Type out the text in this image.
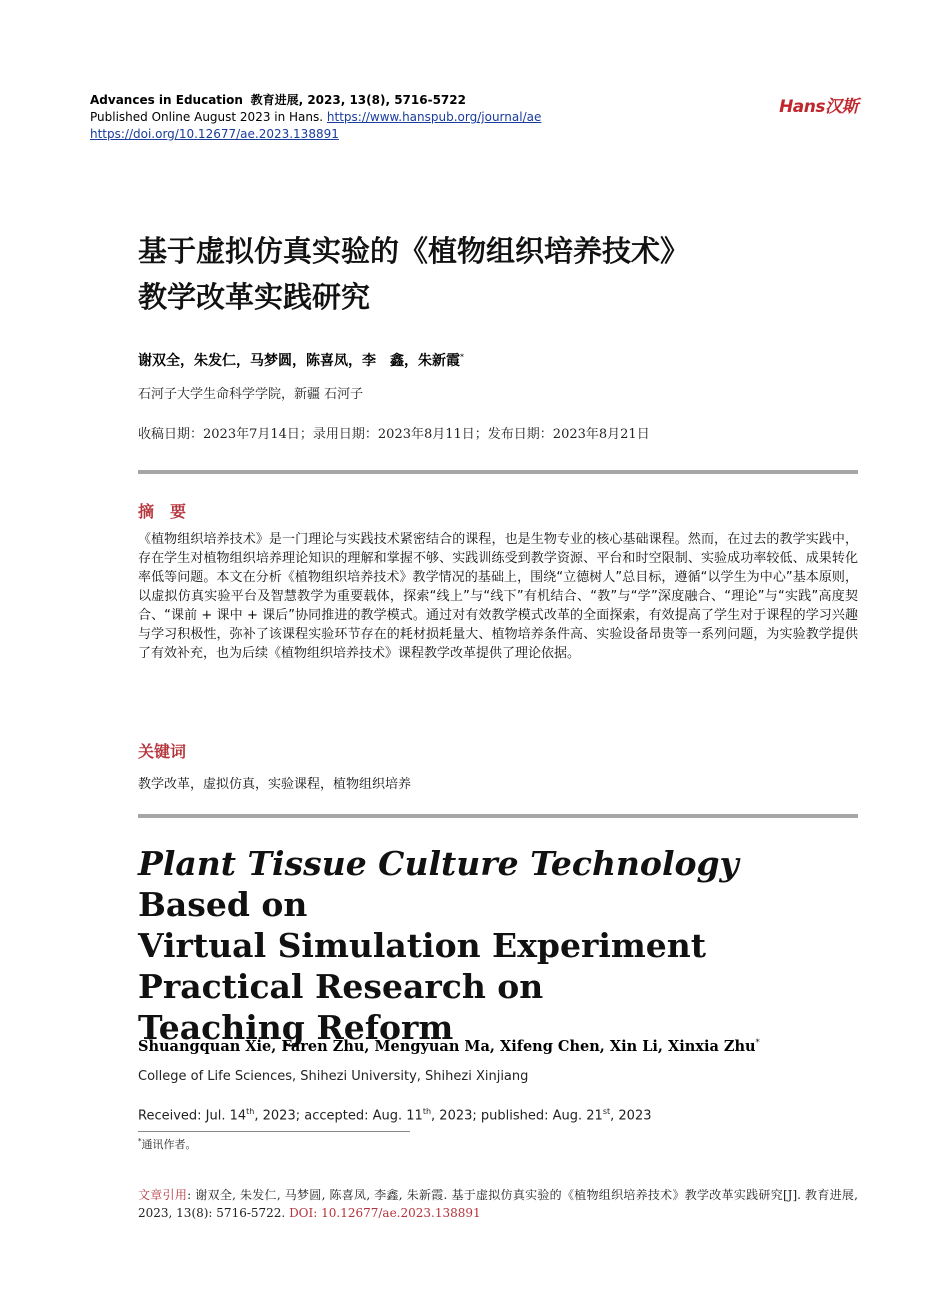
Advances in Education 教育进展, 2023, 13(8), 5716-5722
Published Online August 2023 in Hans. https://www.hanspub.org/journal/ae
https://doi.org/10.12677/ae.2023.138891
Hans汉斯
基于虚拟仿真实验的《植物组织培养技术》
教学改革实践研究
谢双全，朱发仁，马梦圆，陈喜凤，李　鑫，朱新霞*
石河子大学生命科学学院，新疆 石河子
收稿日期：2023年7月14日；录用日期：2023年8月11日；发布日期：2023年8月21日
摘　要
《植物组织培养技术》是一门理论与实践技术紧密结合的课程，也是生物专业的核心基础课程。然而，在过去的教学实践中，存在学生对植物组织培养理论知识的理解和掌握不够、实践训练受到教学资源、平台和时空限制、实验成功率较低、成果转化率低等问题。本文在分析《植物组织培养技术》教学情况的基础上，围绕“立德树人”总目标，遵循“以学生为中心”基本原则，以虚拟仿真实验平台及智慧教学为重要载体，探索“线上”与“线下”有机结合、“教”与“学”深度融合、“理论”与“实践”高度契合、“课前 + 课中 + 课后”协同推进的教学模式。通过对有效教学模式改革的全面探索，有效提高了学生对于课程的学习兴趣与学习积极性，弥补了该课程实验环节存在的耗材损耗量大、植物培养条件高、实验设备昂贵等一系列问题，为实验教学提供了有效补充，也为后续《植物组织培养技术》课程教学改革提供了理论依据。
关键词
教学改革，虚拟仿真，实验课程，植物组织培养
Plant Tissue Culture Technology Based on
Virtual Simulation Experiment
Practical Research on
Teaching Reform
Shuangquan Xie, Faren Zhu, Mengyuan Ma, Xifeng Chen, Xin Li, Xinxia Zhu*
College of Life Sciences, Shihezi University, Shihezi Xinjiang
Received: Jul. 14th, 2023; accepted: Aug. 11th, 2023; published: Aug. 21st, 2023
*通讯作者。
文章引用: 谢双全, 朱发仁, 马梦圆, 陈喜凤, 李鑫, 朱新霞. 基于虚拟仿真实验的《植物组织培养技术》教学改革实践研究[J]. 教育进展, 2023, 13(8): 5716-5722. DOI: 10.12677/ae.2023.138891
